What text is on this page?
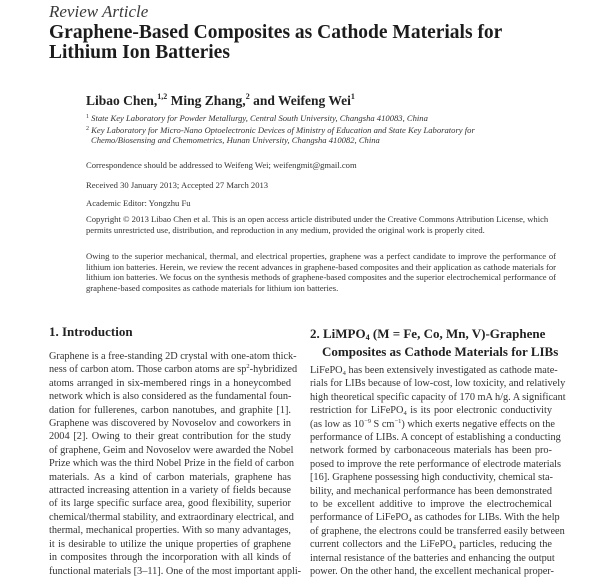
Review Article
Graphene-Based Composites as Cathode Materials for Lithium Ion Batteries
Libao Chen,$^{1,2}$ Ming Zhang,$^2$ and Weifeng Wei$^1$
$^1$ State Key Laboratory for Powder Metallurgy, Central South University, Changsha 410083, China
$^2$ Key Laboratory for Micro-Nano Optoelectronic Devices of Ministry of Education and State Key Laboratory for
Chemo/Biosensing and Chemometrics, Hunan University, Changsha 410082, China
Correspondence should be addressed to Weifeng Wei; weifengmit@gmail.com
Received 30 January 2013; Accepted 27 March 2013
Academic Editor: Yongzhu Fu
Copyright © 2013 Libao Chen et al. This is an open access article distributed under the Creative Commons Attribution License, which permits unrestricted use, distribution, and reproduction in any medium, provided the original work is properly cited.
Owing to the superior mechanical, thermal, and electrical properties, graphene was a perfect candidate to improve the performance of lithium ion batteries. Herein, we review the recent advances in graphene-based composites and their application as cathode materials for lithium ion batteries. We focus on the synthesis methods of graphene-based composites and the superior electrochemical performance of graphene-based composites as cathode materials for lithium ion batteries.
1. Introduction
Graphene is a free-standing 2D crystal with one-atom thick-
ness of carbon atom. Those carbon atoms are $sp^2$-hybridized
atoms arranged in six-membered rings in a honeycombed
network which is also considered as the fundamental foun-
dation for fullerenes, carbon nanotubes, and graphite [1].
Graphene was discovered by Novoselov and coworkers in
2004 [2]. Owing to their great contribution for the study
of graphene, Geim and Novoselov were awarded the Nobel
Prize which was the third Nobel Prize in the field of carbon
materials. As a kind of carbon materials, graphene has
attracted increasing attention in a variety of fields because
of its large specific surface area, good flexibility, superior
chemical/thermal stability, and extraordinary electrical, and
thermal, mechanical properties. With so many advantages,
it is desirable to utilize the unique properties of graphene
in composites through the incorporation with all kinds of
functional materials [3–11]. One of the most important appli-
2. LiMPO$_4$ (M = Fe, Co, Mn, V)-Graphene
Composites as Cathode Materials for LIBs
LiFePO$_4$ has been extensively investigated as cathode mate-
rials for LIBs because of low-cost, low toxicity, and relatively
high theoretical specific capacity of 170 mA h/g. A significant
restriction for LiFePO$_4$ is its poor electronic conductivity
(as low as $10^{-9}$ S $cm^{-1}$) which exerts negative effects on the
performance of LIBs. A concept of establishing a conducting
network formed by carbonaceous materials has been pro-
posed to improve the rete performance of electrode materials
[16]. Graphene possessing high conductivity, chemical sta-
bility, and mechanical performance has been demonstrated
to be excellent additive to improve the electrochemical
performance of LiFePO$_4$ as cathodes for LIBs. With the help
of graphene, the electrons could be transferred easily between
current collectors and the LiFePO$_4$ particles, reducing the
internal resistance of the batteries and enhancing the output
power. On the other hand, the excellent mechanical proper-
